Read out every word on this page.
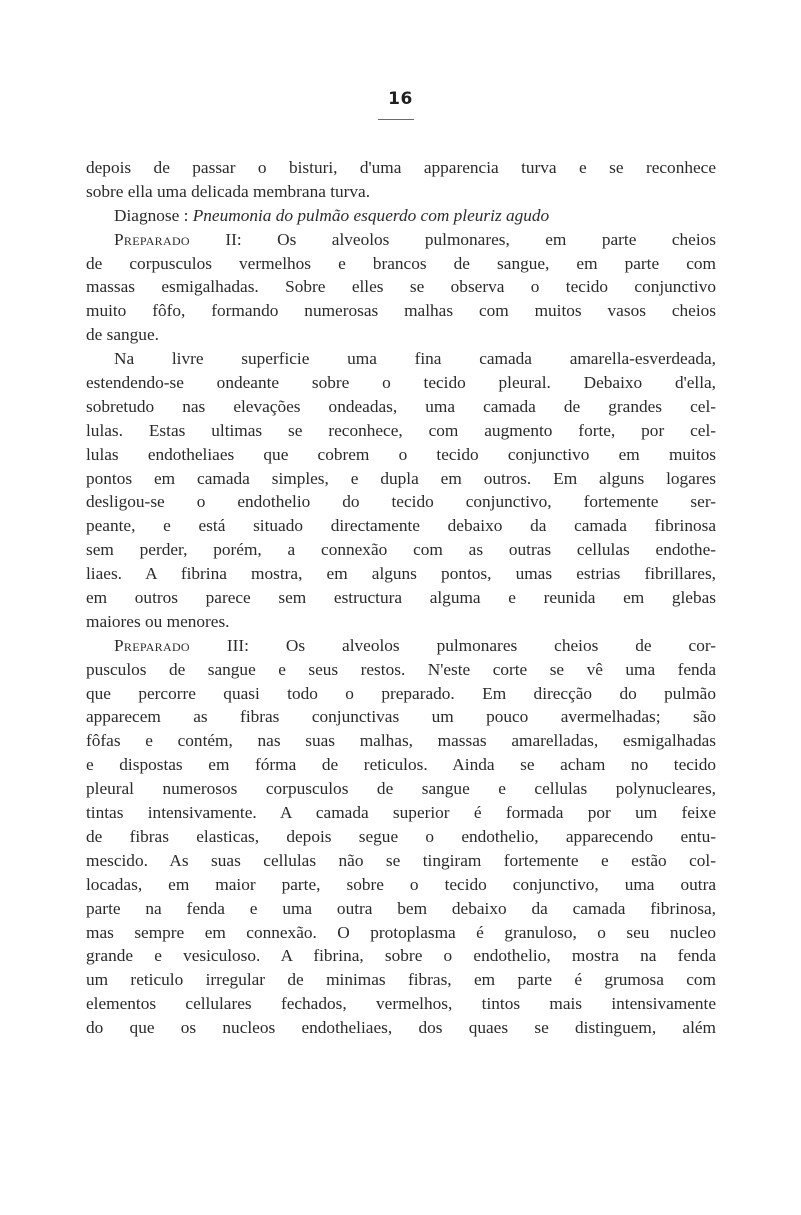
16
depois de passar o bisturi, d'uma apparencia turva e se reconhece
sobre ella uma delicada membrana turva.
Diagnose : Pneumonia do pulmão esquerdo com pleuriz agudo
Preparado II: Os alveolos pulmonares, em parte cheios
de corpusculos vermelhos e brancos de sangue, em parte com
massas esmigalhadas. Sobre elles se observa o tecido conjunctivo
muito fôfo, formando numerosas malhas com muitos vasos cheios
de sangue.
Na livre superficie uma fina camada amarella-esverdeada,
estendendo-se ondeante sobre o tecido pleural. Debaixo d'ella,
sobretudo nas elevações ondeadas, uma camada de grandes cel-
lulas. Estas ultimas se reconhece, com augmento forte, por cel-
lulas endotheliaes que cobrem o tecido conjunctivo em muitos
pontos em camada simples, e dupla em outros. Em alguns logares
desligou-se o endothelio do tecido conjunctivo, fortemente ser-
peante, e está situado directamente debaixo da camada fibrinosa
sem perder, porém, a connexão com as outras cellulas endothe-
liaes. A fibrina mostra, em alguns pontos, umas estrias fibrillares,
em outros parece sem estructura alguma e reunida em glebas
maiores ou menores.
Preparado III: Os alveolos pulmonares cheios de cor-
pusculos de sangue e seus restos. N'este corte se vê uma fenda
que percorre quasi todo o preparado. Em direcção do pulmão
apparecem as fibras conjunctivas um pouco avermelhadas; são
fôfas e contém, nas suas malhas, massas amarelladas, esmigalhadas
e dispostas em fórma de reticulos. Ainda se acham no tecido
pleural numerosos corpusculos de sangue e cellulas polynucleares,
tintas intensivamente. A camada superior é formada por um feixe
de fibras elasticas, depois segue o endothelio, apparecendo entu-
mescido. As suas cellulas não se tingiram fortemente e estão col-
locadas, em maior parte, sobre o tecido conjunctivo, uma outra
parte na fenda e uma outra bem debaixo da camada fibrinosa,
mas sempre em connexão. O protoplasma é granuloso, o seu nucleo
grande e vesiculoso. A fibrina, sobre o endothelio, mostra na fenda
um reticulo irregular de minimas fibras, em parte é grumosa com
elementos cellulares fechados, vermelhos, tintos mais intensivamente
do que os nucleos endotheliaes, dos quaes se distinguem, além
